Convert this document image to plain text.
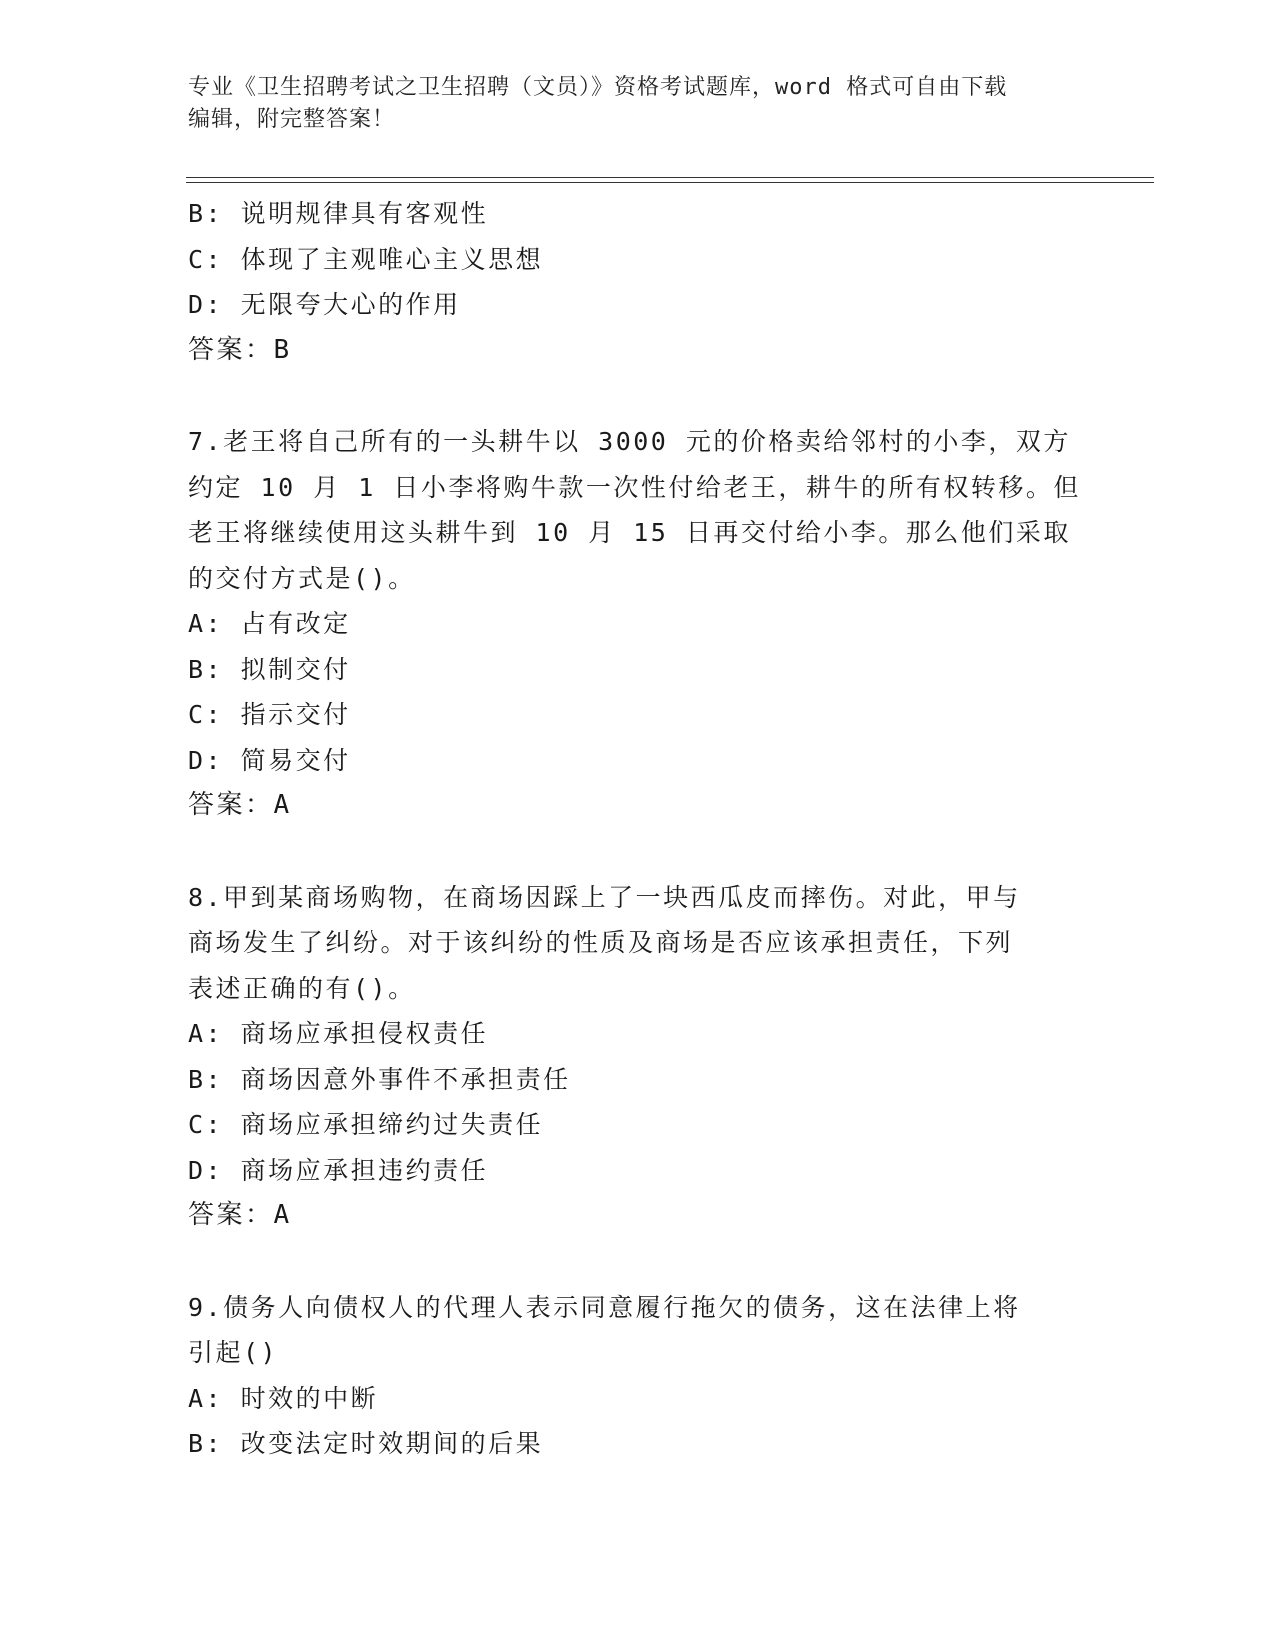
专业《卫生招聘考试之卫生招聘（文员）》资格考试题库，word 格式可自由下载
编辑，附完整答案！
B: 说明规律具有客观性
C: 体现了主观唯心主义思想
D: 无限夸大心的作用
答案：B
7.老王将自己所有的一头耕牛以 3000 元的价格卖给邻村的小李，双方
约定 10 月 1 日小李将购牛款一次性付给老王，耕牛的所有权转移。但
老王将继续使用这头耕牛到 10 月 15 日再交付给小李。那么他们采取
的交付方式是()。
A: 占有改定
B: 拟制交付
C: 指示交付
D: 简易交付
答案：A
8.甲到某商场购物，在商场因踩上了一块西瓜皮而摔伤。对此，甲与
商场发生了纠纷。对于该纠纷的性质及商场是否应该承担责任，下列
表述正确的有()。
A: 商场应承担侵权责任
B: 商场因意外事件不承担责任
C: 商场应承担缔约过失责任
D: 商场应承担违约责任
答案：A
9.债务人向债权人的代理人表示同意履行拖欠的债务，这在法律上将
引起()
A: 时效的中断
B: 改变法定时效期间的后果
